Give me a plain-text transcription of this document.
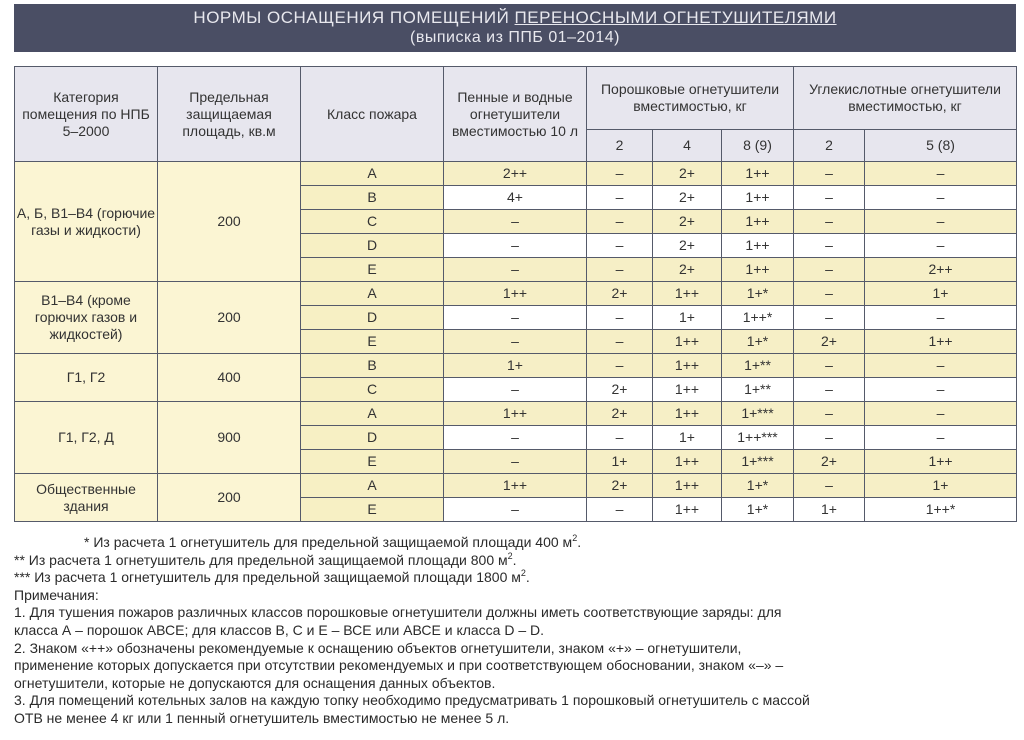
НОРМЫ ОСНАЩЕНИЯ ПОМЕЩЕНИЙ ПЕРЕНОСНЫМИ ОГНЕТУШИТЕЛЯМИ
(выписка из ППБ 01–2014)
Категория помещения по НПБ 5–2000	Предельная защищаемая площадь, кв.м	Класс пожара	Пенные и водные огнетушители вместимостью 10 л	Порошковые огнетушители вместимостью, кг			Углекислотные огнетушители вместимостью, кг	
				2	4	8 (9)	2	5 (8)
А, Б, В1–В4 (горючие газы и жидкости)	200	A	2++	–	2+	1++	–	–
		B	4+	–	2+	1++	–	–
		C	–	–	2+	1++	–	–
		D	–	–	2+	1++	–	–
		E	–	–	2+	1++	–	2++
В1–В4 (кроме горючих газов и жидкостей)	200	A	1++	2+	1++	1+*	–	1+
		D	–	–	1+	1++*	–	–
		E	–	–	1++	1+*	2+	1++
Г1, Г2	400	B	1+	–	1++	1+**	–	–
		C	–	2+	1++	1+**	–	–
Г1, Г2, Д	900	A	1++	2+	1++	1+***	–	–
		D	–	–	1+	1++***	–	–
		E	–	1+	1++	1+***	2+	1++
Общественные здания	200	A	1++	2+	1++	1+*	–	1+
		E	–	–	1++	1+*	1+	1++*
* Из расчета 1 огнетушитель для предельной защищаемой площади 400 $м^2$.
** Из расчета 1 огнетушитель для предельной защищаемой площади 800 $м^2$.
*** Из расчета 1 огнетушитель для предельной защищаемой площади 1800 $м^2$.
Примечания:
1. Для тушения пожаров различных классов порошковые огнетушители должны иметь соответствующие заряды: для класса А – порошок АВСЕ; для классов В, С и Е – ВСЕ или АВСЕ и класса D – D.
2. Знаком «++» обозначены рекомендуемые к оснащению объектов огнетушители, знаком «+» – огнетушители, применение которых допускается при отсутствии рекомендуемых и при соответствующем обосновании, знаком «–» – огнетушители, которые не допускаются для оснащения данных объектов.
3. Для помещений котельных залов на каждую топку необходимо предусматривать 1 порошковый огнетушитель с массой ОТВ не менее 4 кг или 1 пенный огнетушитель вместимостью не менее 5 л.
